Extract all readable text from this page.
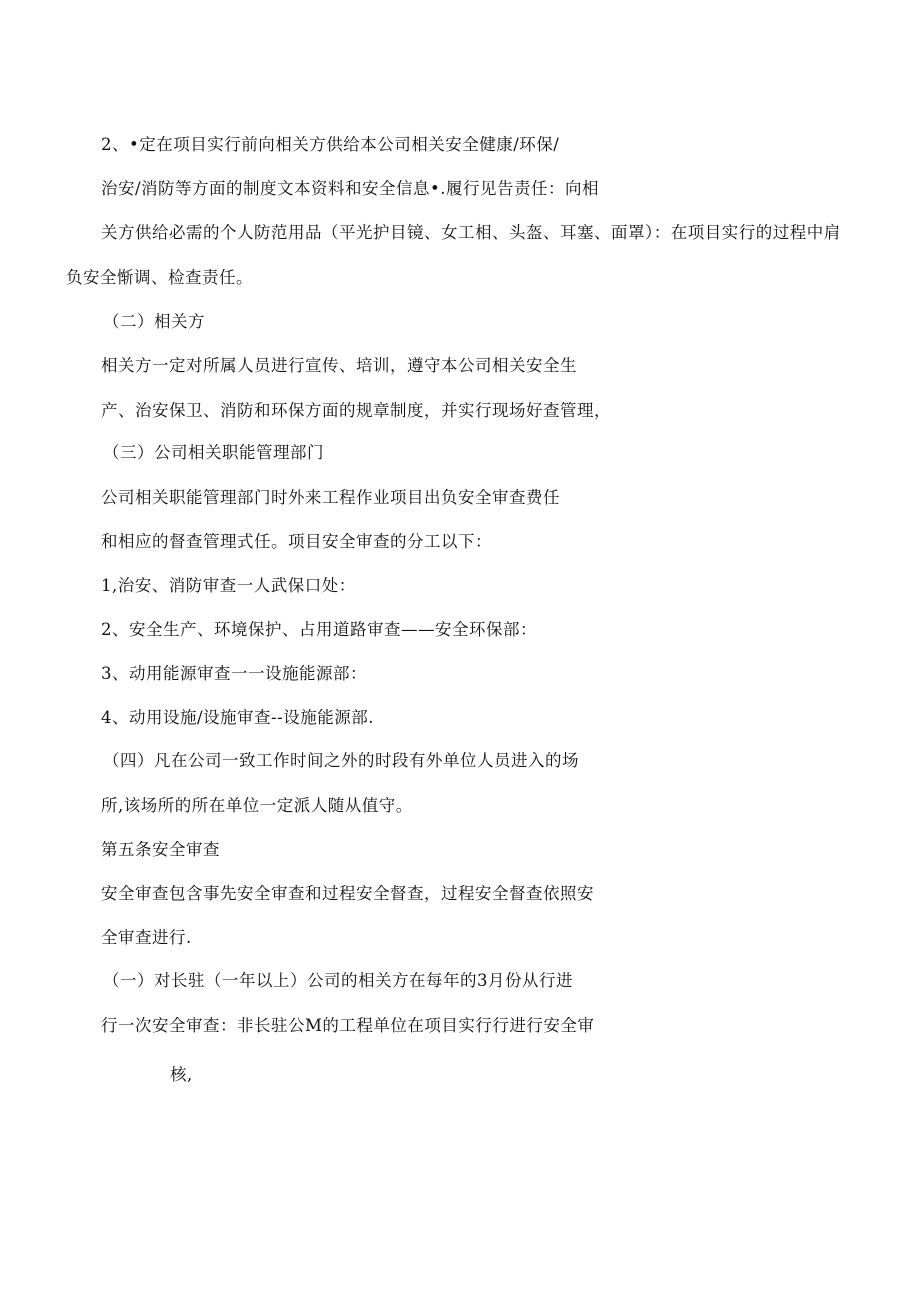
2、•定在项目实行前向相关方供给本公司相关安全健康/环保/
治安/消防等方面的制度文本资料和安全信息•.履行见告责任：向相
关方供给必需的个人防范用品（平光护目镜、女工相、头盔、耳塞、面罩）：在项目实行的过程中肩
负安全惭调、检查责任。
（二）相关方
相关方一定对所属人员进行宣传、培训，遵守本公司相关安全生
产、治安保卫、消防和环保方面的规章制度，并实行现场好查管理，
（三）公司相关职能管理部门
公司相关职能管理部门时外来工程作业项目出负安全审查费任
和相应的督查管理式任。项目安全审查的分工以下：
1,治安、消防审查一人武保口处：
2、安全生产、环境保护、占用道路审查——安全环保部：
3、动用能源审查一一设施能源部：
4、动用设施/设施审查--设施能源部.
（四）凡在公司一致工作时间之外的时段有外单位人员进入的场
所,该场所的所在单位一定派人随从值守。
第五条安全审查
安全审查包含事先安全审查和过程安全督查，过程安全督查依照安
全审查进行.
（一）对长驻（一年以上）公司的相关方在每年的3月份从行进
行一次安全审查：非长驻公M的工程单位在项目实行行进行安全审
核,
